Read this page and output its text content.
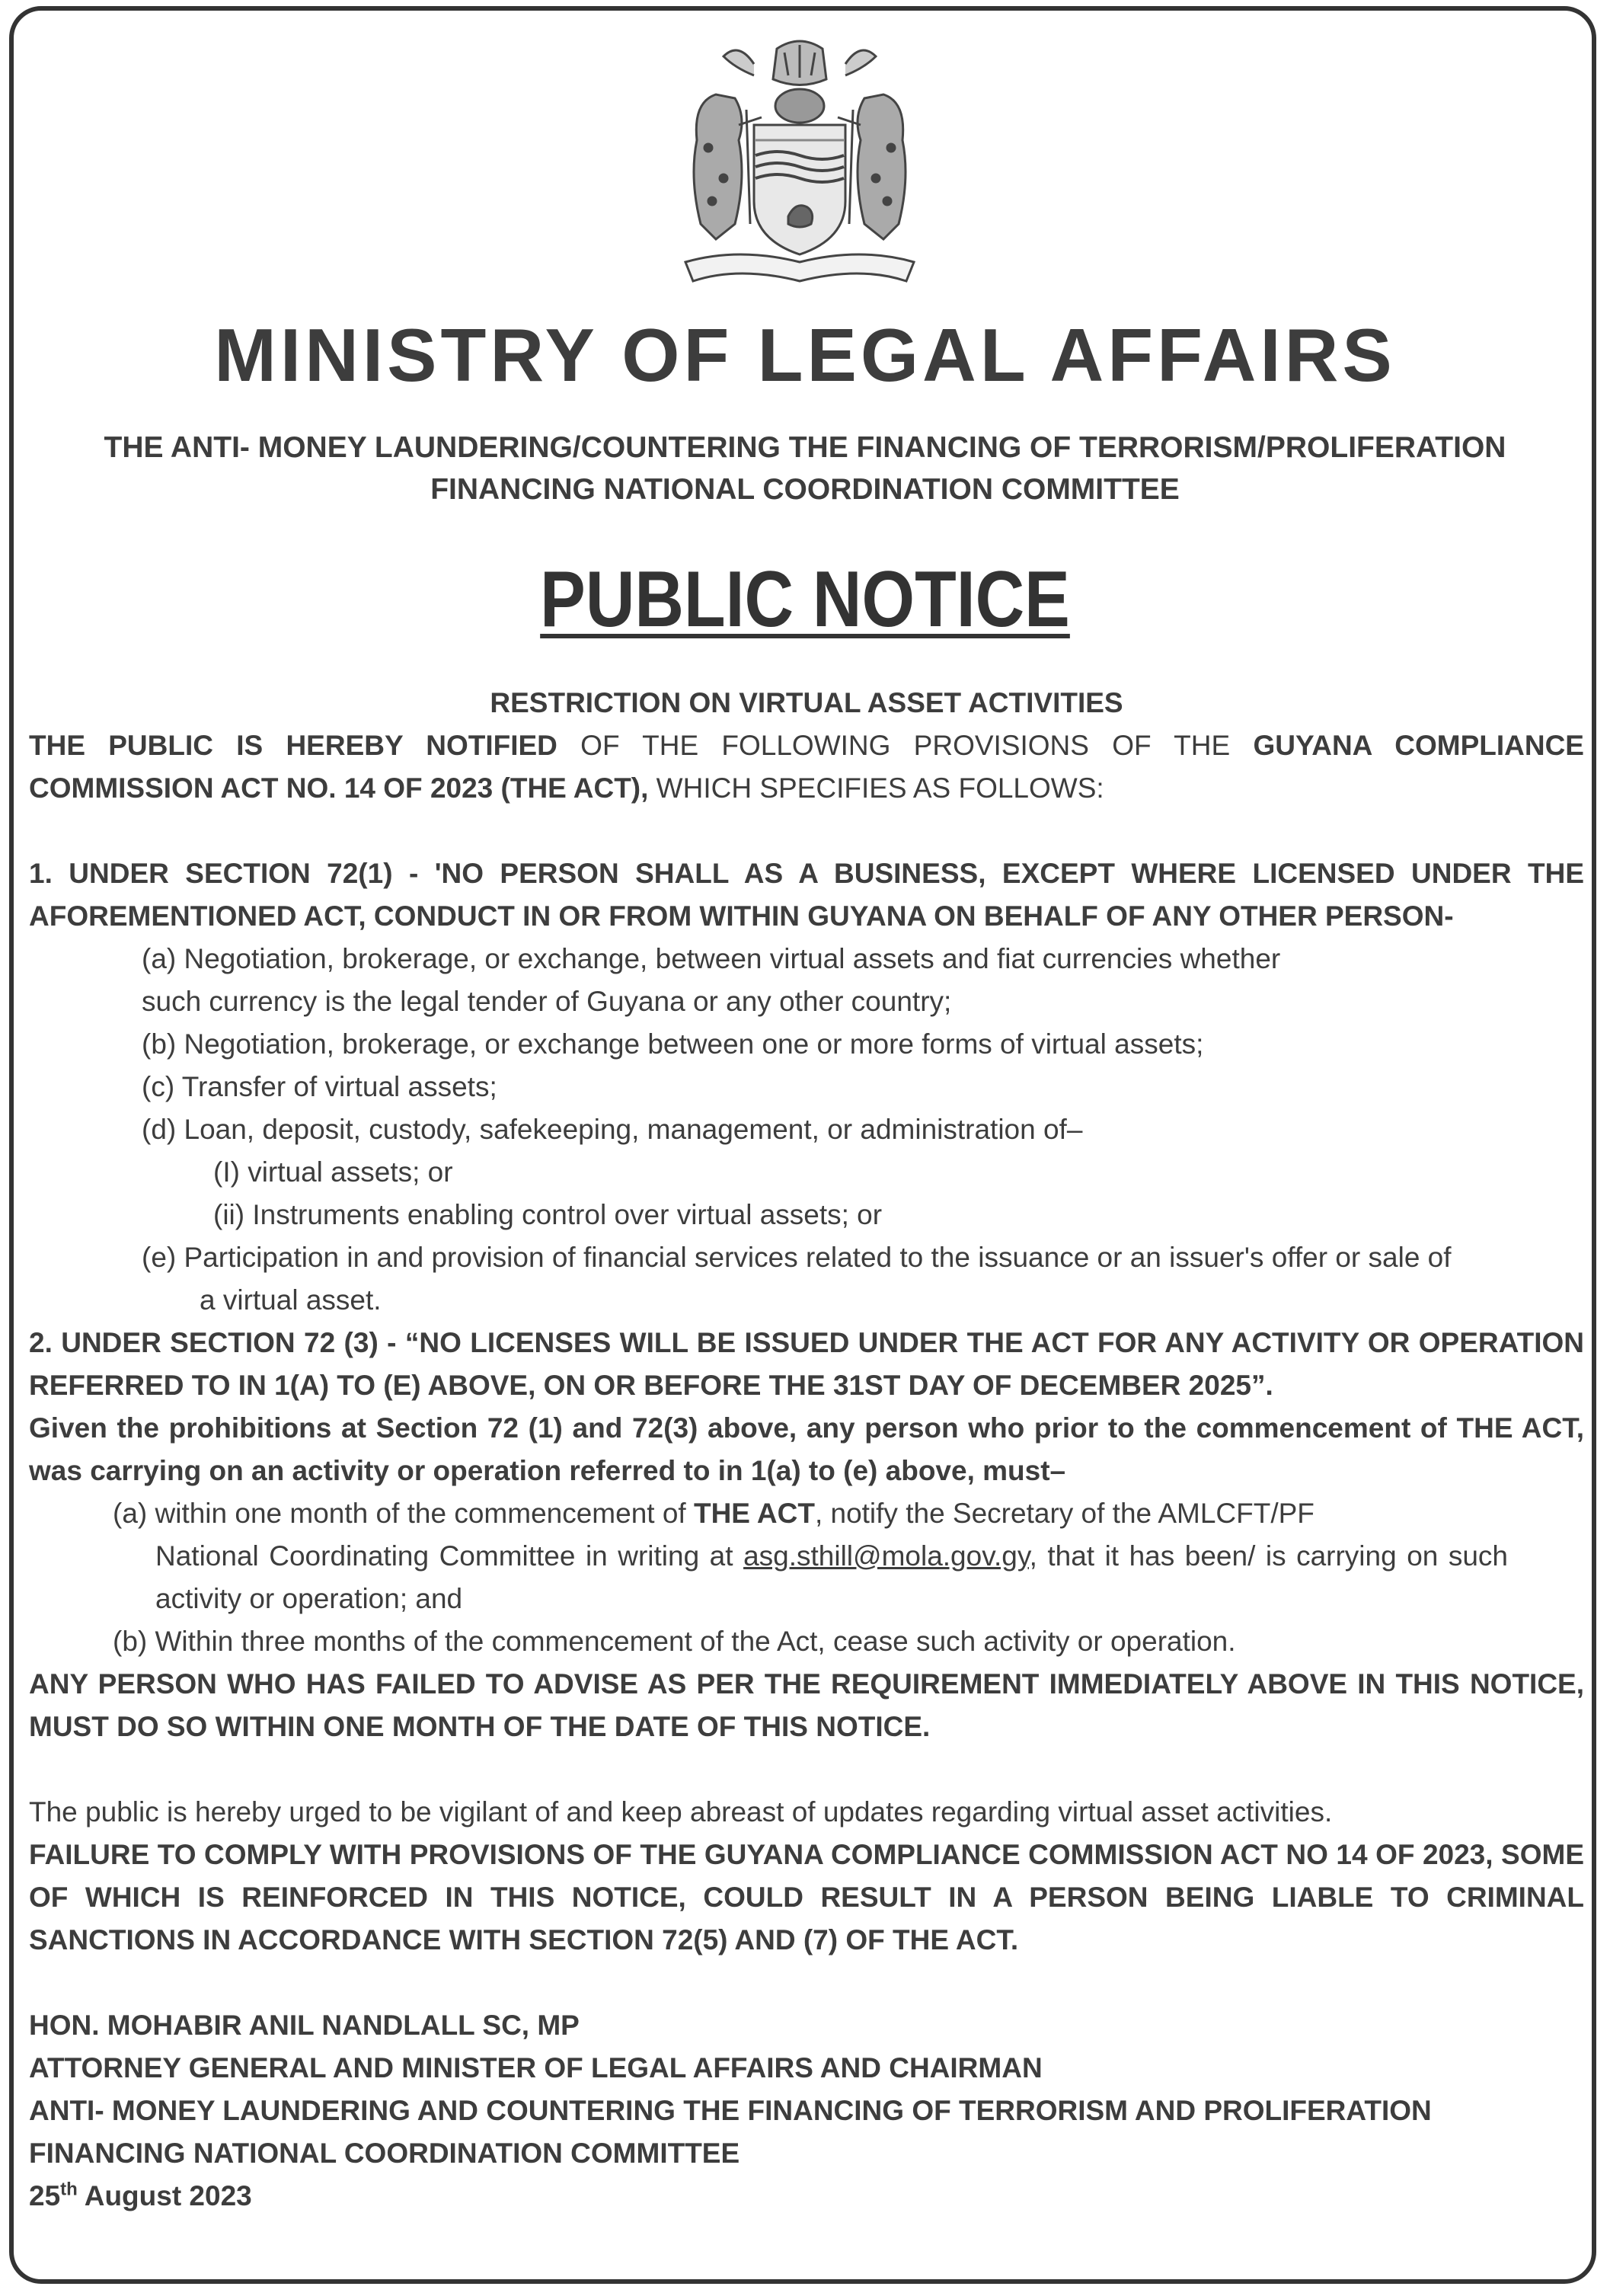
MINISTRY OF LEGAL AFFAIRS
THE ANTI- MONEY LAUNDERING/COUNTERING THE FINANCING OF TERRORISM/PROLIFERATION
FINANCING NATIONAL COORDINATION COMMITTEE
PUBLIC NOTICE
RESTRICTION ON VIRTUAL ASSET ACTIVITIES
THE PUBLIC IS HEREBY NOTIFIED OF THE FOLLOWING PROVISIONS OF THE GUYANA COMPLIANCE COMMISSION ACT NO. 14 OF 2023 (THE ACT), WHICH SPECIFIES AS FOLLOWS:
1. UNDER SECTION 72(1) - 'NO PERSON SHALL AS A BUSINESS, EXCEPT WHERE LICENSED UNDER THE AFOREMENTIONED ACT, CONDUCT IN OR FROM WITHIN GUYANA ON BEHALF OF ANY OTHER PERSON-
(a) Negotiation, brokerage, or exchange, between virtual assets and fiat currencies whether
such currency is the legal tender of Guyana or any other country;
(b) Negotiation, brokerage, or exchange between one or more forms of virtual assets;
(c) Transfer of virtual assets;
(d) Loan, deposit, custody, safekeeping, management, or administration of–
(I) virtual assets; or
(ii) Instruments enabling control over virtual assets; or
(e) Participation in and provision of financial services related to the issuance or an issuer's offer or sale of
a virtual asset.
2. UNDER SECTION 72 (3) - “NO LICENSES WILL BE ISSUED UNDER THE ACT FOR ANY ACTIVITY OR OPERATION REFERRED TO IN 1(A) TO (E) ABOVE, ON OR BEFORE THE 31ST DAY OF DECEMBER 2025”.
Given the prohibitions at Section 72 (1) and 72(3) above, any person who prior to the commencement of THE ACT, was carrying on an activity or operation referred to in 1(a) to (e) above, must–
(a) within one month of the commencement of THE ACT, notify the Secretary of the AMLCFT/PF
National Coordinating Committee in writing at asg.sthill@mola.gov.gy, that it has been/ is carrying on such activity or operation; and
(b) Within three months of the commencement of the Act, cease such activity or operation.
ANY PERSON WHO HAS FAILED TO ADVISE AS PER THE REQUIREMENT IMMEDIATELY ABOVE IN THIS NOTICE, MUST DO SO WITHIN ONE MONTH OF THE DATE OF THIS NOTICE.
The public is hereby urged to be vigilant of and keep abreast of updates regarding virtual asset activities.
FAILURE TO COMPLY WITH PROVISIONS OF THE GUYANA COMPLIANCE COMMISSION ACT NO 14 OF 2023, SOME OF WHICH IS REINFORCED IN THIS NOTICE, COULD RESULT IN A PERSON BEING LIABLE TO CRIMINAL SANCTIONS IN ACCORDANCE WITH SECTION 72(5) AND (7) OF THE ACT.
HON. MOHABIR ANIL NANDLALL SC, MP
ATTORNEY GENERAL AND MINISTER OF LEGAL AFFAIRS AND CHAIRMAN
ANTI- MONEY LAUNDERING AND COUNTERING THE FINANCING OF TERRORISM AND PROLIFERATION
FINANCING NATIONAL COORDINATION COMMITTEE
25th August 2023
